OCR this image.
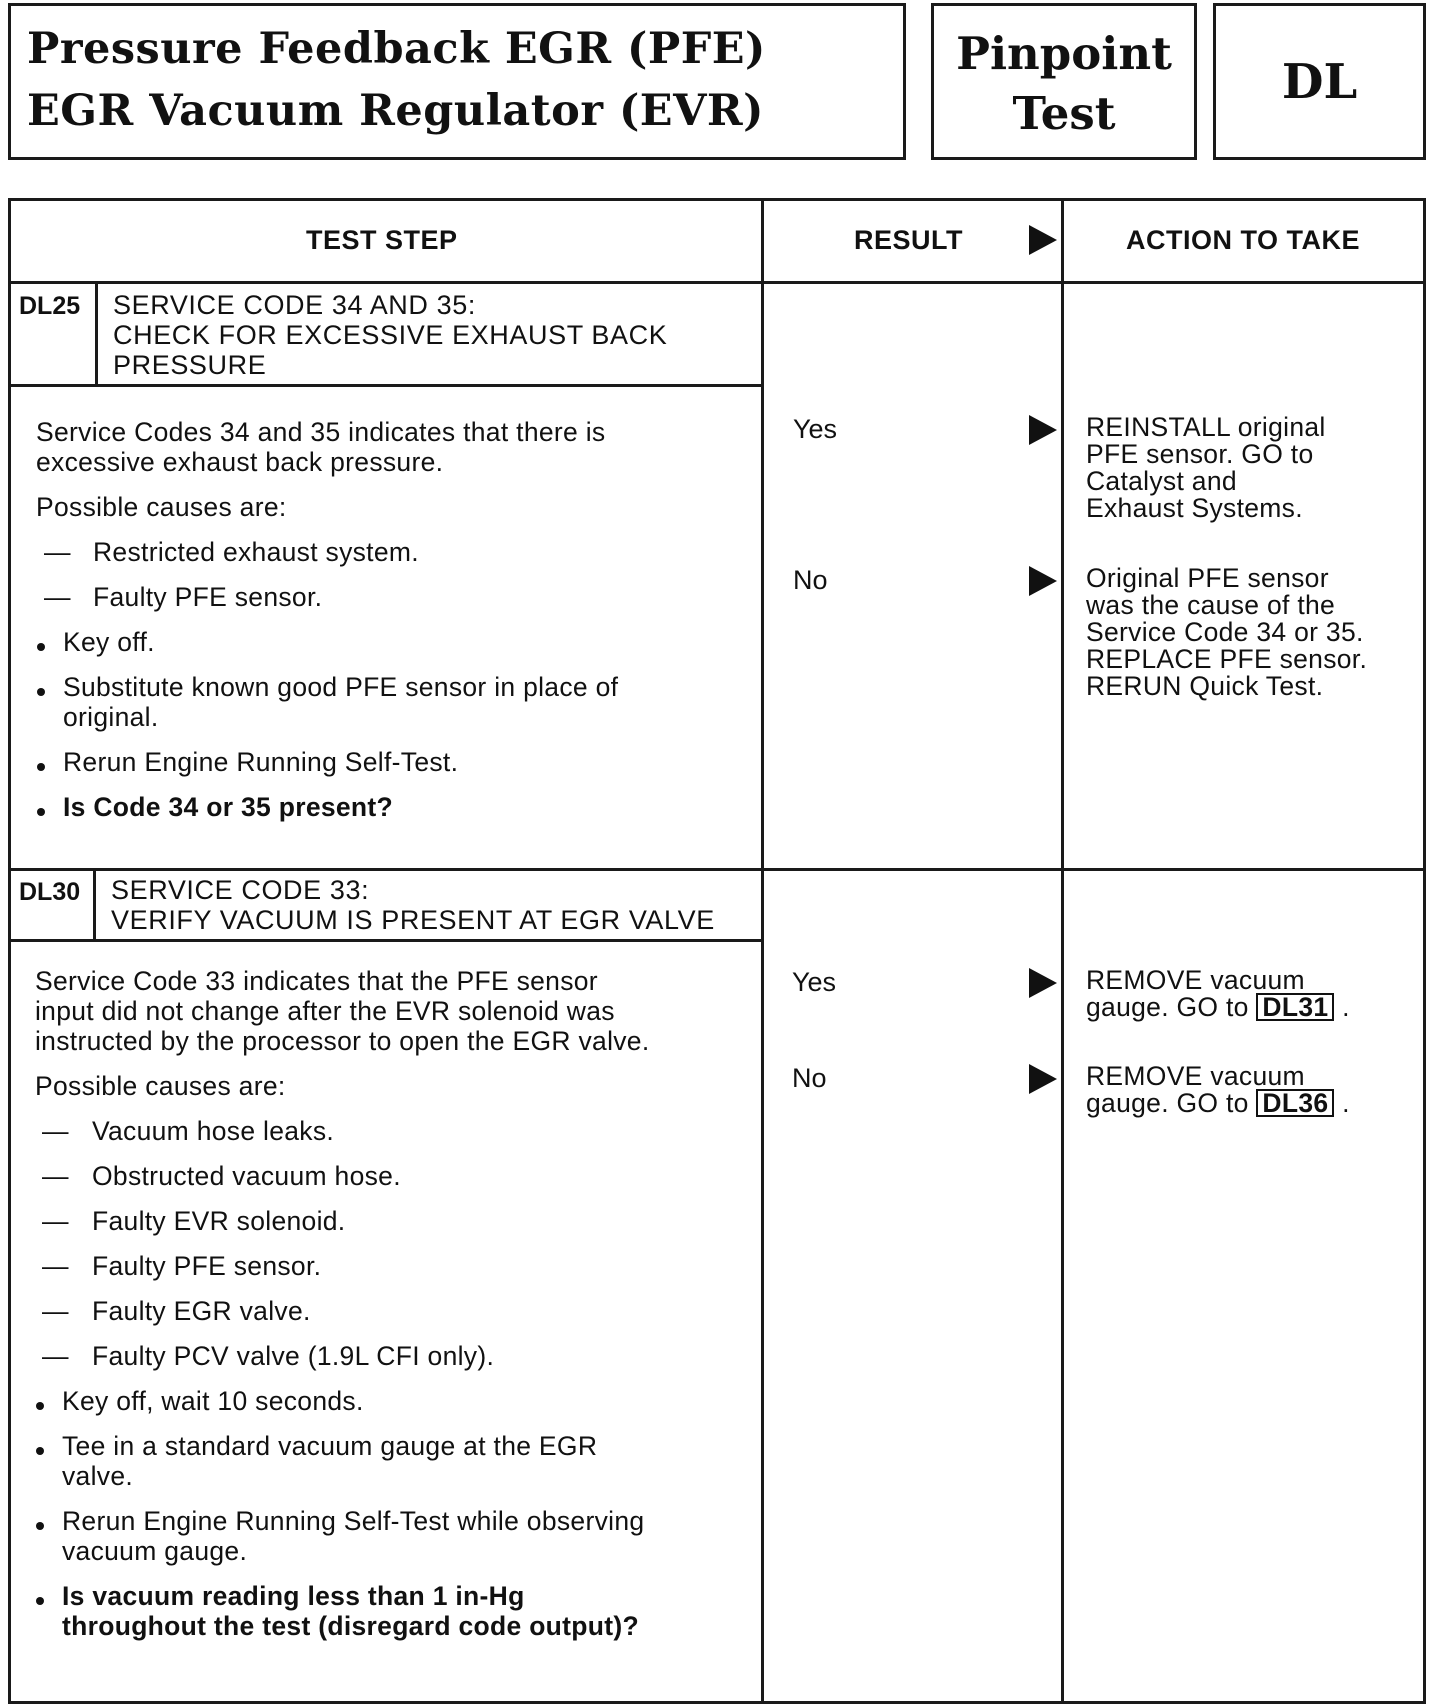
Pressure Feedback EGR (PFE)
EGR Vacuum Regulator (EVR)
Pinpoint
Test
DL
TEST STEP	RESULT	ACTION TO TAKE
DL25 SERVICE CODE 34 AND 35:
CHECK FOR EXCESSIVE EXHAUST BACK
PRESSURE
Service Codes 34 and 35 indicates that there is
excessive exhaust back pressure.
Possible causes are:
— Restricted exhaust system.
— Faulty PFE sensor.
Key off.
Substitute known good PFE sensor in place of
original.
Rerun Engine Running Self-Test.
Is Code 34 or 35 present?
Yes	REINSTALL original
PFE sensor. GO to
Catalyst and
Exhaust Systems.
No	Original PFE sensor
was the cause of the
Service Code 34 or 35.
REPLACE PFE sensor.
RERUN Quick Test.
DL30 SERVICE CODE 33:
VERIFY VACUUM IS PRESENT AT EGR VALVE
Service Code 33 indicates that the PFE sensor
input did not change after the EVR solenoid was
instructed by the processor to open the EGR valve.
Possible causes are:
— Vacuum hose leaks.
— Obstructed vacuum hose.
— Faulty EVR solenoid.
— Faulty PFE sensor.
— Faulty EGR valve.
— Faulty PCV valve (1.9L CFI only).
Key off, wait 10 seconds.
Tee in a standard vacuum gauge at the EGR
valve.
Rerun Engine Running Self-Test while observing
vacuum gauge.
Is vacuum reading less than 1 in-Hg
throughout the test (disregard code output)?
Yes	REMOVE vacuum
gauge. GO to DL31 .
No	REMOVE vacuum
gauge. GO to DL36 .
